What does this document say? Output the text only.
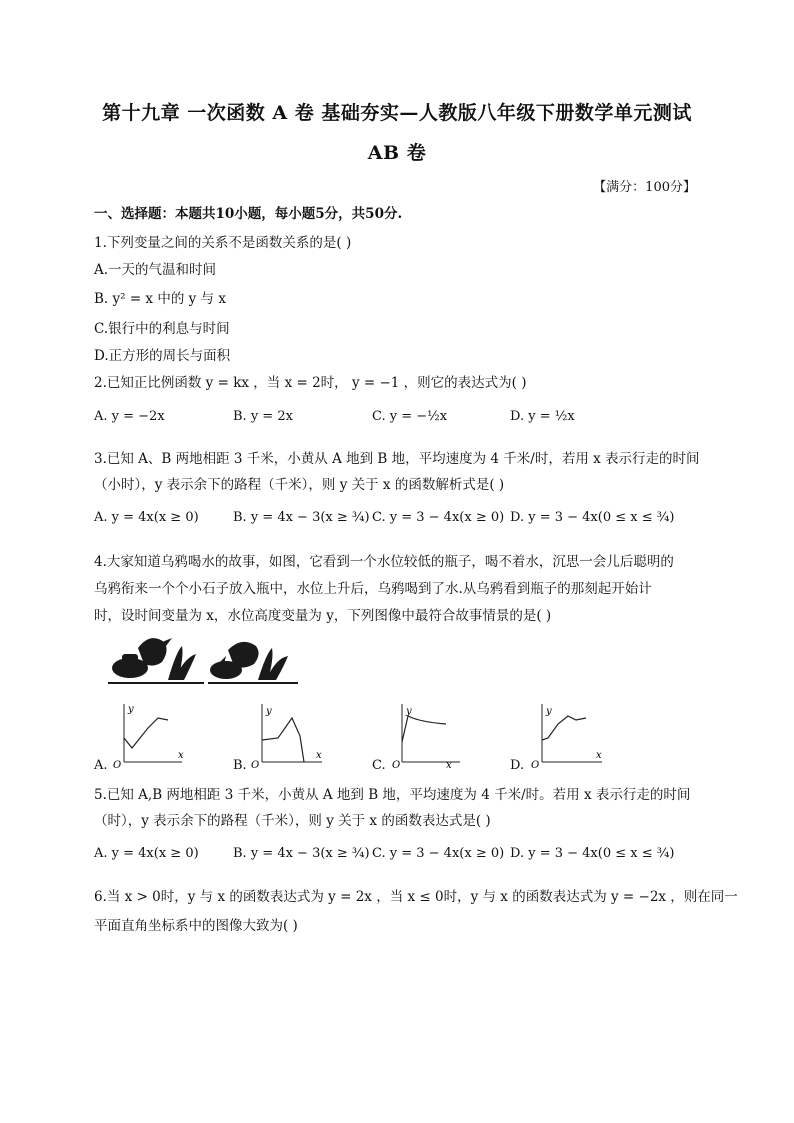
第十九章 一次函数 A 卷 基础夯实—人教版八年级下册数学单元测试
AB 卷
【满分：100分】
一、选择题：本题共10小题，每小题5分，共50分.
1.下列变量之间的关系不是函数关系的是( )
A.一天的气温和时间
B. y² = x 中的 y 与 x
C.银行中的利息与时间
D.正方形的周长与面积
2.已知正比例函数 y = kx ，当 x = 2时， y = −1 ，则它的表达式为( )
A. y = −2x	B. y = 2x	C. y = −½x	D. y = ½x
3.已知 A、B 两地相距 3 千米，小黄从 A 地到 B 地，平均速度为 4 千米/时，若用 x 表示行走的时间
（小时），y 表示余下的路程（千米），则 y 关于 x 的函数解析式是( )
A. y = 4x(x ≥ 0)	B. y = 4x − 3(x ≥ ¾) C. y = 3 − 4x(x ≥ 0) D. y = 3 − 4x(0 ≤ x ≤ ¾)
4.大家知道乌鸦喝水的故事，如图，它看到一个水位较低的瓶子，喝不着水，沉思一会儿后聪明的
乌鸦衔来一个个小石子放入瓶中，水位上升后，乌鸦喝到了水.从乌鸦看到瓶子的那刻起开始计
时，设时间变量为 x，水位高度变量为 y，下列图像中最符合故事情景的是( )
A.
y
x
O	B.
y
x
O	C.
y
x
O	D.
y
x
O
5.已知 A,B 两地相距 3 千米，小黄从 A 地到 B 地，平均速度为 4 千米/时。若用 x 表示行走的时间
（时），y 表示余下的路程（千米），则 y 关于 x 的函数表达式是( )
A. y = 4x(x ≥ 0)	B. y = 4x − 3(x ≥ ¾) C. y = 3 − 4x(x ≥ 0) D. y = 3 − 4x(0 ≤ x ≤ ¾)
6.当 x > 0时，y 与 x 的函数表达式为 y = 2x ，当 x ≤ 0时，y 与 x 的函数表达式为 y = −2x ，则在同一
平面直角坐标系中的图像大致为( )
